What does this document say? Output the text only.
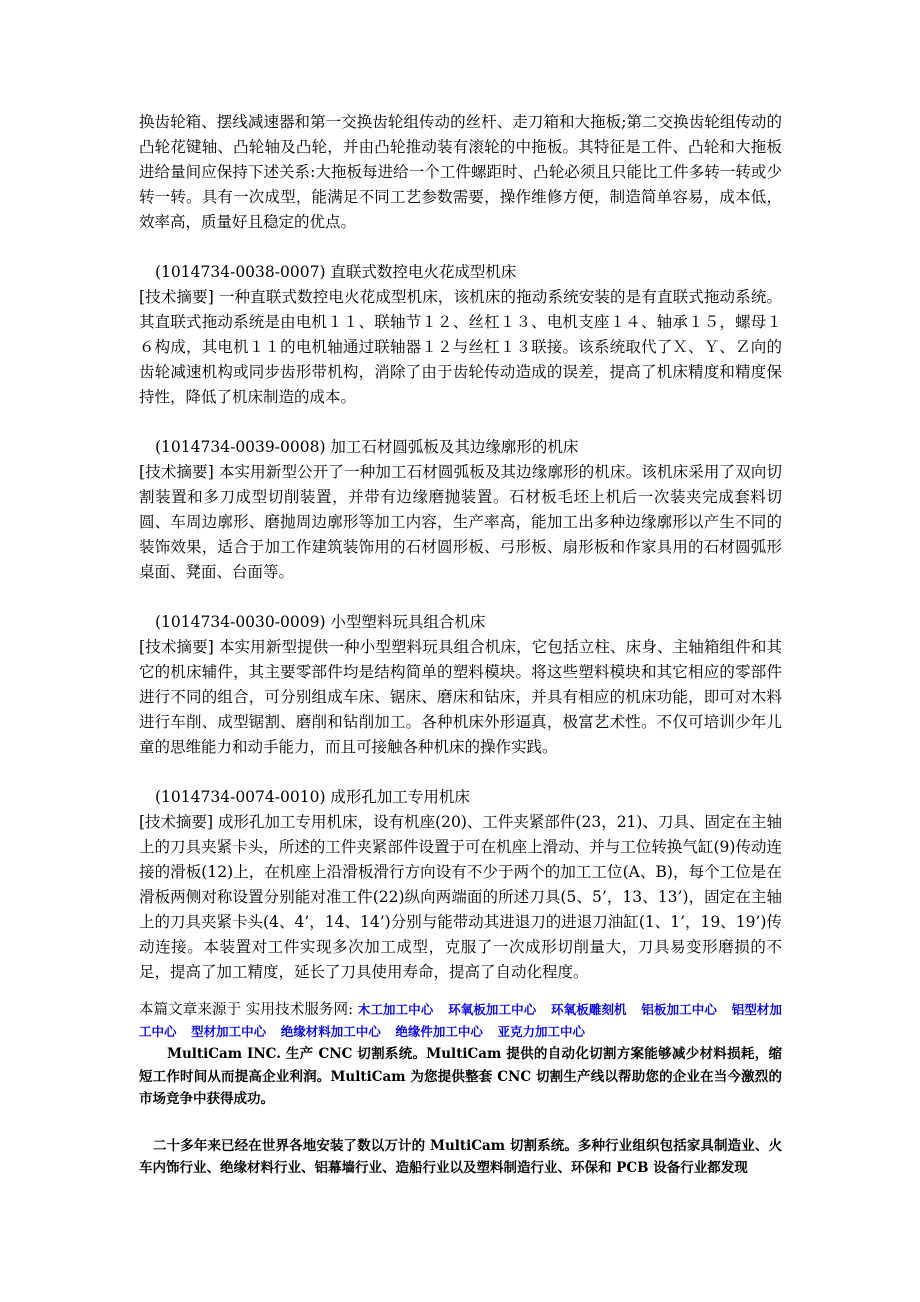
换齿轮箱、摆线减速器和第一交换齿轮组传动的丝杆、走刀箱和大拖板;第二交换齿轮组传动的凸轮花键轴、凸轮轴及凸轮，并由凸轮推动装有滚轮的中拖板。其特征是工件、凸轮和大拖板进给量间应保持下述关系:大拖板每进给一个工件螺距时、凸轮必须且只能比工件多转一转或少转一转。具有一次成型，能满足不同工艺参数需要，操作维修方便，制造简单容易，成本低，效率高，质量好且稳定的优点。

(1014734-0038-0007) 直联式数控电火花成型机床

[技术摘要] 一种直联式数控电火花成型机床，该机床的拖动系统安装的是有直联式拖动系统。其直联式拖动系统是由电机１１、联轴节１２、丝杠１３、电机支座１４、轴承１５，螺母１６构成，其电机１１的电机轴通过联轴器１２与丝杠１３联接。该系统取代了Ｘ、Ｙ、Ｚ向的齿轮减速机构或同步齿形带机构，消除了由于齿轮传动造成的误差，提高了机床精度和精度保持性，降低了机床制造的成本。

(1014734-0039-0008) 加工石材圆弧板及其边缘廓形的机床

[技术摘要] 本实用新型公开了一种加工石材圆弧板及其边缘廓形的机床。该机床采用了双向切割装置和多刀成型切削装置，并带有边缘磨抛装置。石材板毛坯上机后一次装夹完成套料切圆、车周边廓形、磨抛周边廓形等加工内容，生产率高，能加工出多种边缘廓形以产生不同的装饰效果，适合于加工作建筑装饰用的石材圆形板、弓形板、扇形板和作家具用的石材圆弧形桌面、凳面、台面等。

(1014734-0030-0009) 小型塑料玩具组合机床

[技术摘要] 本实用新型提供一种小型塑料玩具组合机床，它包括立柱、床身、主轴箱组件和其它的机床辅件，其主要零部件均是结构简单的塑料模块。将这些塑料模块和其它相应的零部件进行不同的组合，可分别组成车床、锯床、磨床和钻床，并具有相应的机床功能，即可对木料进行车削、成型锯割、磨削和钻削加工。各种机床外形逼真，极富艺术性。不仅可培训少年儿童的思维能力和动手能力，而且可接触各种机床的操作实践。

(1014734-0074-0010) 成形孔加工专用机床

[技术摘要] 成形孔加工专用机床，设有机座(20)、工件夹紧部件(23，21)、刀具、固定在主轴上的刀具夹紧卡头，所述的工件夹紧部件设置于可在机座上滑动、并与工位转换气缸(9)传动连接的滑板(12)上，在机座上沿滑板滑行方向设有不少于两个的加工工位(A、B)，每个工位是在滑板两侧对称设置分别能对准工件(22)纵向两端面的所述刀具(5、5’，13、13’)，固定在主轴上的刀具夹紧卡头(4、4’，14、14’)分别与能带动其进退刀的进退刀油缸(1、1’，19、19’)传动连接。本装置对工件实现多次加工成型，克服了一次成形切削量大，刀具易变形磨损的不足，提高了加工精度，延长了刀具使用寿命，提高了自动化程度。

本篇文章来源于 实用技术服务网: 木工加工中心 环氧板加工中心 环氧板雕刻机 铝板加工中心 铝型材加工中心 型材加工中心 绝缘材料加工中心 绝缘件加工中心 亚克力加工中心

MultiCam INC. 生产 CNC 切割系统。MultiCam 提供的自动化切割方案能够减少材料损耗，缩短工作时间从而提高企业利润。MultiCam 为您提供整套 CNC 切割生产线以帮助您的企业在当今激烈的市场竞争中获得成功。

二十多年来已经在世界各地安装了数以万计的 MultiCam 切割系统。多种行业组织包括家具制造业、火车内饰行业、绝缘材料行业、铝幕墙行业、造船行业以及塑料制造行业、环保和 PCB 设备行业都发现
